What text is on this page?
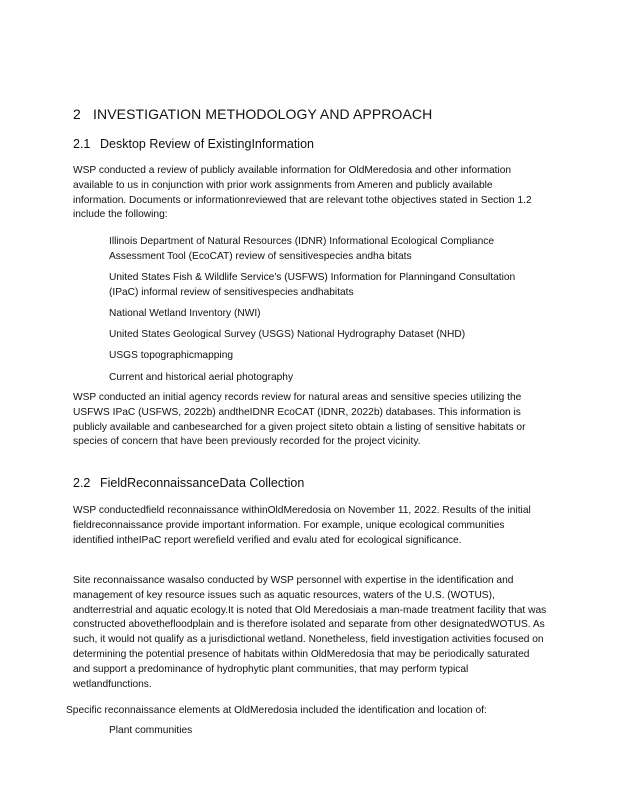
2 INVESTIGATION METHODOLOGY AND APPROACH
2.1 Desktop Review of ExistingInformation

WSP conducted a review of publicly available information for OldMeredosia and other information available to us in conjunction with prior work assignments from Ameren and publicly available information. Documents or informationreviewed that are relevant tothe objectives stated in Section 1.2 include the following:

Illinois Department of Natural Resources (IDNR) Informational Ecological Compliance Assessment Tool (EcoCAT) review of sensitivespecies andha bitats
United States Fish & Wildlife Service's (USFWS) Information for Planningand Consultation (IPaC) informal review of sensitivespecies andhabitats
National Wetland Inventory (NWI)
United States Geological Survey (USGS) National Hydrography Dataset (NHD)
USGS topographicmapping
Current and historical aerial photography

WSP conducted an initial agency records review for natural areas and sensitive species utilizing the USFWS IPaC (USFWS, 2022b) andtheIDNR EcoCAT (IDNR, 2022b) databases. This information is publicly available and canbesearched for a given project siteto obtain a listing of sensitive habitats or species of concern that have been previously recorded for the project vicinity.

2.2 FieldReconnaissanceData Collection

WSP conductedfield reconnaissance withinOldMeredosia on November 11, 2022. Results of the initial fieldreconnaissance provide important information. For example, unique ecological communities identified intheIPaC report werefield verified and evalu ated for ecological significance.

Site reconnaissance wasalso conducted by WSP personnel with expertise in the identification and management of key resource issues such as aquatic resources, waters of the U.S. (WOTUS), andterrestrial and aquatic ecology.It is noted that Old Meredosiais a man-made treatment facility that was constructed abovethefloodplain and is therefore isolated and separate from other designatedWOTUS. As such, it would not qualify as a jurisdictional wetland. Nonetheless, field investigation activities focused on determining the potential presence of habitats within OldMeredosia that may be periodically saturated and support a predominance of hydrophytic plant communities, that may perform typical wetlandfunctions.

Specific reconnaissance elements at OldMeredosia included the identification and location of:

Plant communities
